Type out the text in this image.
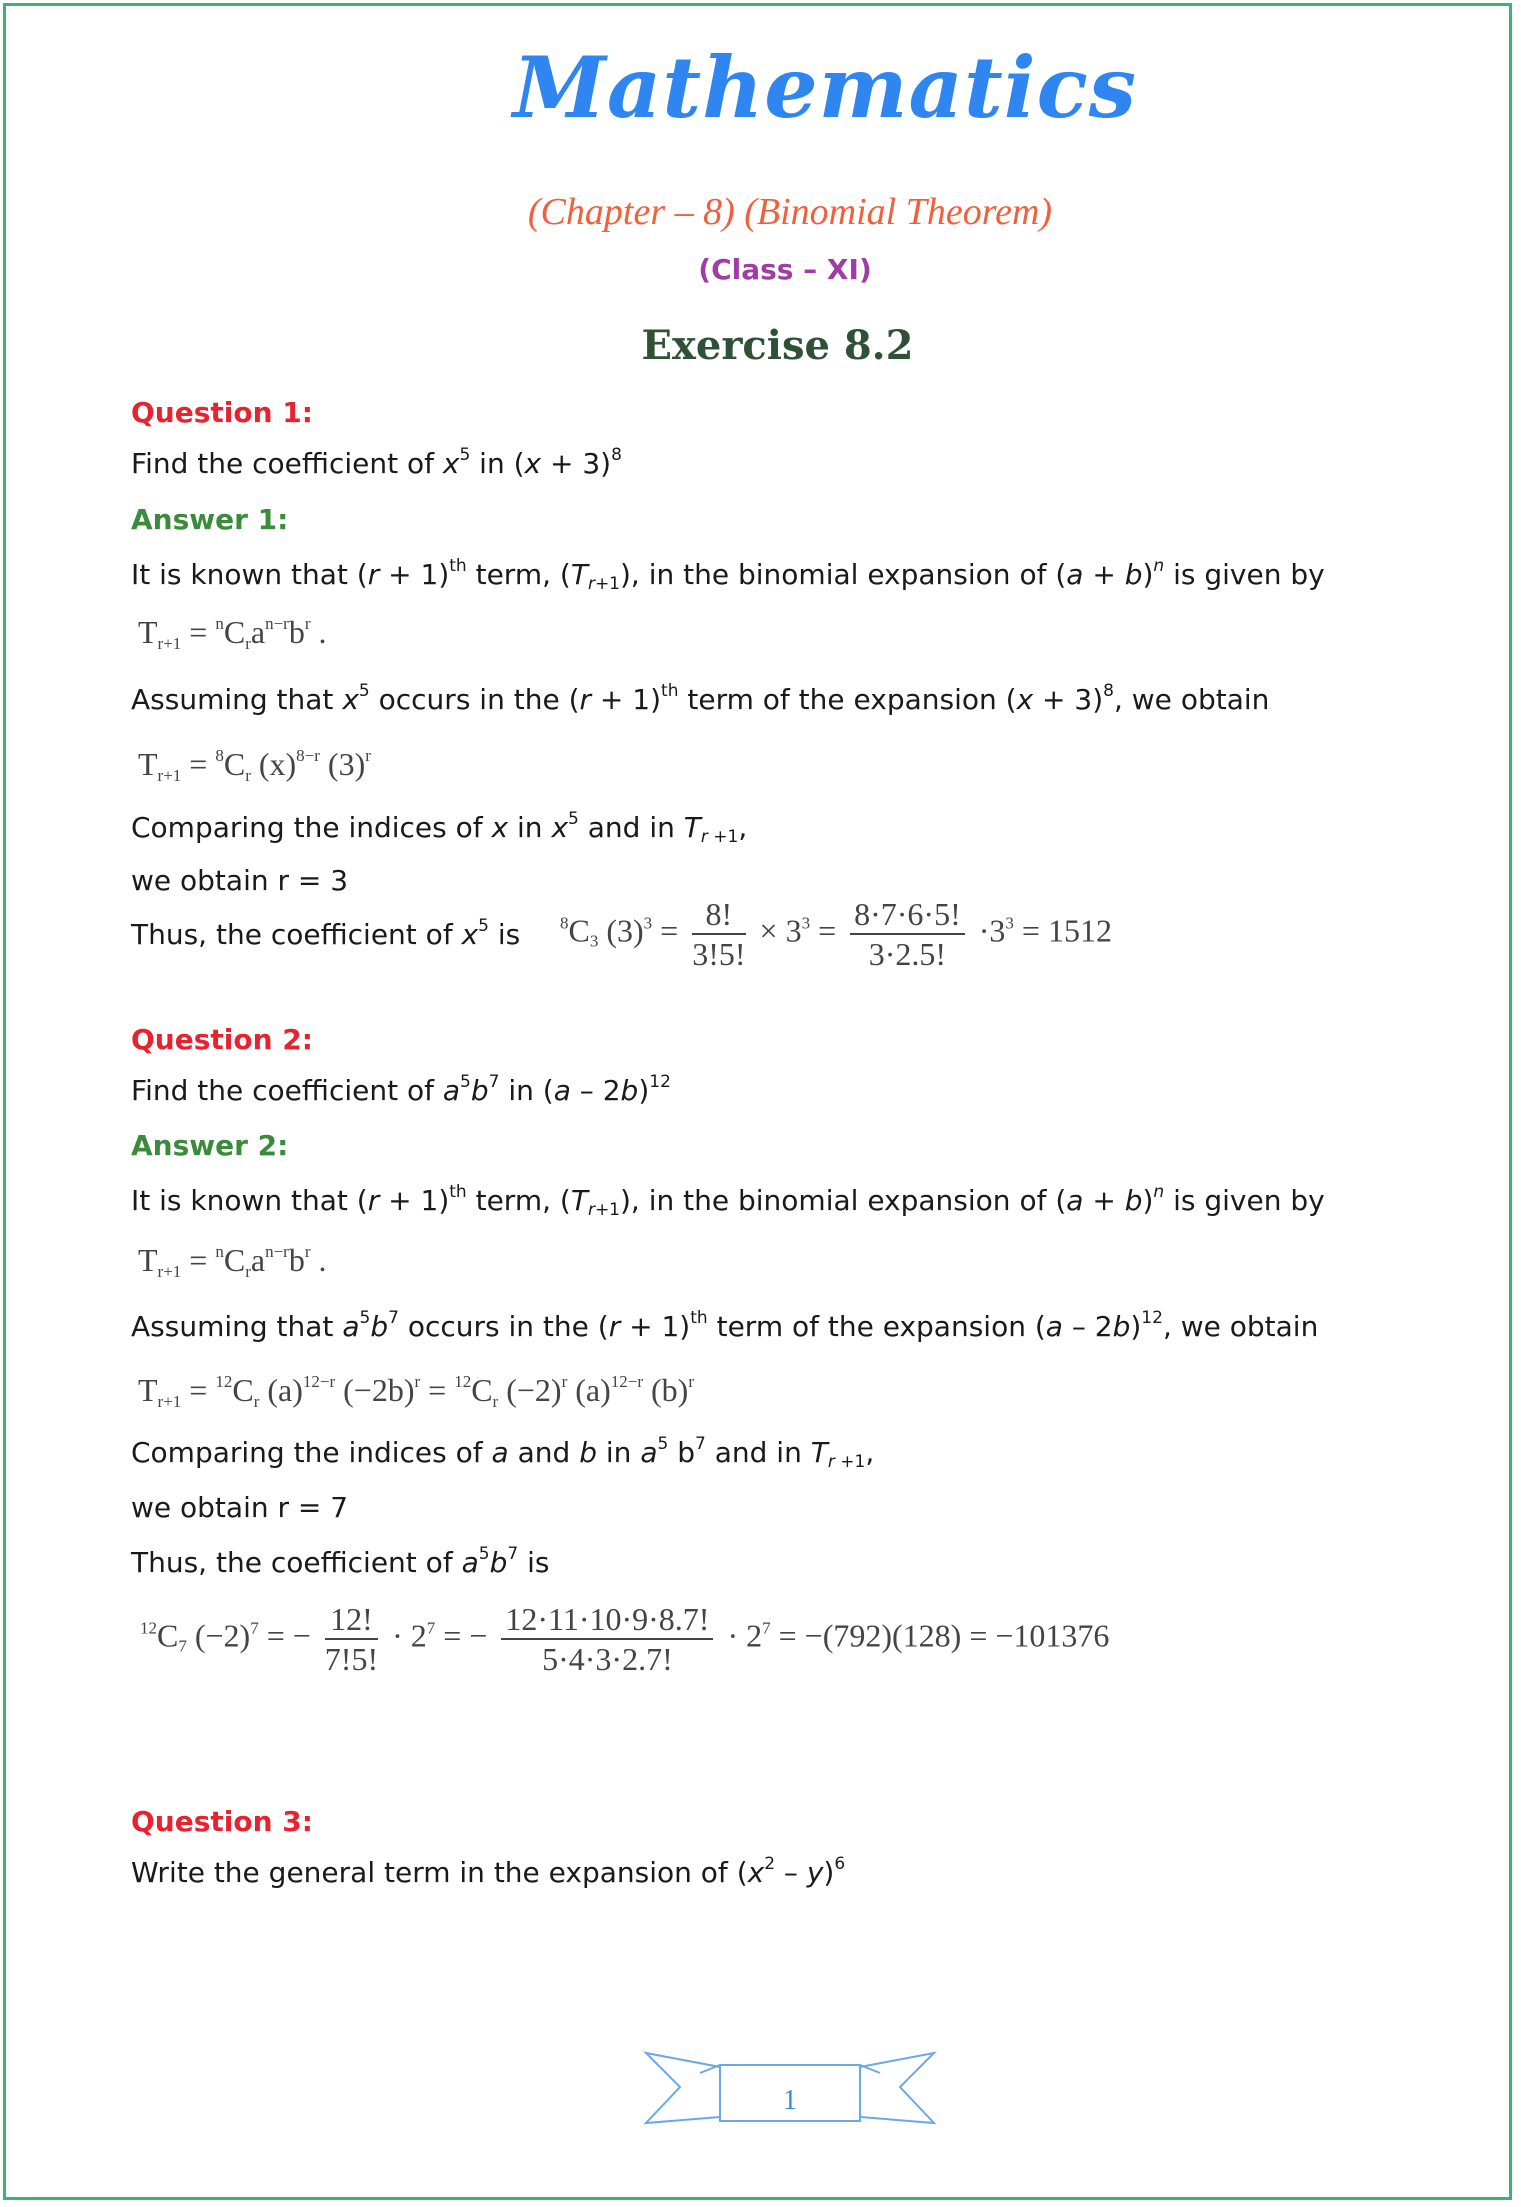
Mathematics
(Chapter – 8) (Binomial Theorem)
(Class – XI)
Exercise 8.2
Question 1:
Find the coefficient of $x^5$ in $(x + 3)^8$
Answer 1:
It is known that $(r + 1)^{th}$ term, $(T_{r+1})$, in the binomial expansion of $(a + b)^n$ is given by
$T_{r+1} = ^nC_ra^{n-r}b^r$ .
Assuming that $x^5$ occurs in the $(r + 1)^{th}$ term of the expansion $(x + 3)^8$, we obtain
$T_{r+1} = ^8C_r$ $(x)^{8-r}$ $(3)^r$
Comparing the indices of x in $x^5$ and in $T_{r +1}$,
we obtain r = 3
Thus, the coefficient of $x^5$ is $^8C_3$ $(3)^3 = \frac{8!}{3!5!} \times 3^3 = \frac{8\cdot 7\cdot 6\cdot 5!}{3\cdot 2.5!} \cdot 3^3 = 1512$
Question 2:
Find the coefficient of $a^5b^7$ in (a – 2b)$^{12}$
Answer 2:
It is known that $(r + 1)^{th}$ term, $(T_{r+1})$, in the binomial expansion of $(a + b)^n$ is given by
$T_{r+1} = ^nC_ra^{n-r}b^r$ .
Assuming that $a^5b^7$ occurs in the $(r + 1)^{th}$ term of the expansion (a – 2b)$^{12}$, we obtain
$T_{r+1} = ^{12}C_r$ $(a)^{12-r}$ $(-2b)^r = ^{12}C_r$ $(-2)^r$ $(a)^{12-r}$ $(b)^r$
Comparing the indices of a and b in $a^5$ $b^7$ and in $T_{r +1}$,
we obtain r = 7
Thus, the coefficient of $a^5b^7$ is
$^{12}C_7$ $(-2)^7$ = − $\frac{12!}{7!5!} \cdot 2^7$ = − $\frac{12\cdot 11\cdot 10\cdot 9\cdot 8.7!}{5\cdot 4\cdot 3\cdot 2.7!} \cdot 2^7 = -(792)(128) = -101376$
Question 3:
Write the general term in the expansion of $(x^2 - y)^6$
1
